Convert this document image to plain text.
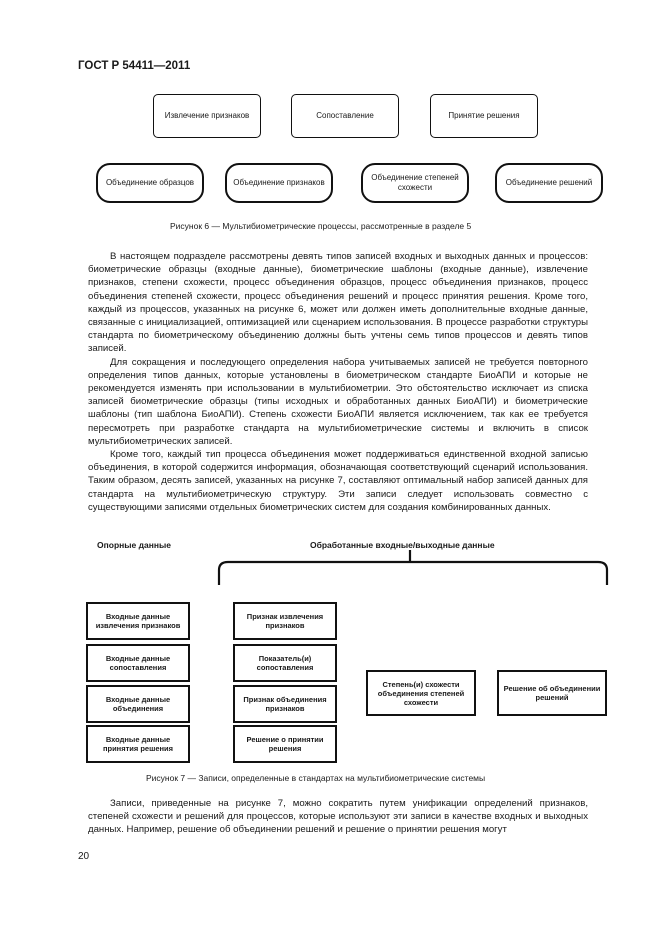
ГОСТ Р 54411—2011
Извлечение признаков	Сопоставление	Принятие решения
Объединение образцов	Объединение признаков
Объединение степеней схожести
Объединение решений
Рисунок 6 — Мультибиометрические процессы, рассмотренные в разделе 5

В настоящем подразделе рассмотрены девять типов записей входных и выходных данных и процессов: биометрические образцы (входные данные), биометрические шаблоны (входные данные), извлечение признаков, степени схожести, процесс объединения образцов, процесс объединения признаков, процесс объединения степеней схожести, процесс объединения решений и процесс принятия решения. Кроме того, каждый из процессов, указанных на рисунке 6, может или должен иметь дополнительные входные данные, связанные с инициализацией, оптимизацией или сценарием использования. В процессе разработки структуры стандарта по биометрическому объединению должны быть учтены семь типов процессов и девять типов записей.

Для сокращения и последующего определения набора учитываемых записей не требуется повторного определения типов данных, которые установлены в биометрическом стандарте БиоАПИ и которые не рекомендуется изменять при использовании в мультибиометрии. Это обстоятельство исключает из списка записей биометрические образцы (типы исходных и обработанных данных БиоАПИ) и биометрические шаблоны (тип шаблона БиоАПИ). Степень схожести БиоАПИ является исключением, так как ее требуется пересмотреть при разработке стандарта на мультибиометрические системы и включить в список мультибиометрических записей.

Кроме того, каждый тип процесса объединения может поддерживаться единственной входной записью объединения, в которой содержится информация, обозначающая соответствующий сценарий использования. Таким образом, десять записей, указанных на рисунке 7, составляют оптимальный набор записей данных для стандарта на мультибиометрическую структуру. Эти записи следует использовать совместно с существующими записями отдельных биометрических систем для создания комбинированных данных.

Опорные данные	Обработанные входные/выходные данные
Входные данные извлечения признаков
Входные данные сопоставления
Входные данные объединения
Входные данные принятия решения
Признак извлечения признаков
Показатель(и) сопоставления
Признак объединения признаков
Решение о принятии решения
Степень(и) схожести объединения степеней схожести
Решение об объединении решений
Рисунок 7 — Записи, определенные в стандартах на мультибиометрические системы

Записи, приведенные на рисунке 7, можно сократить путем унификации определений признаков, степеней схожести и решений для процессов, которые используют эти записи в качестве входных и выходных данных. Например, решение об объединении решений и решение о принятии решения могут

20
